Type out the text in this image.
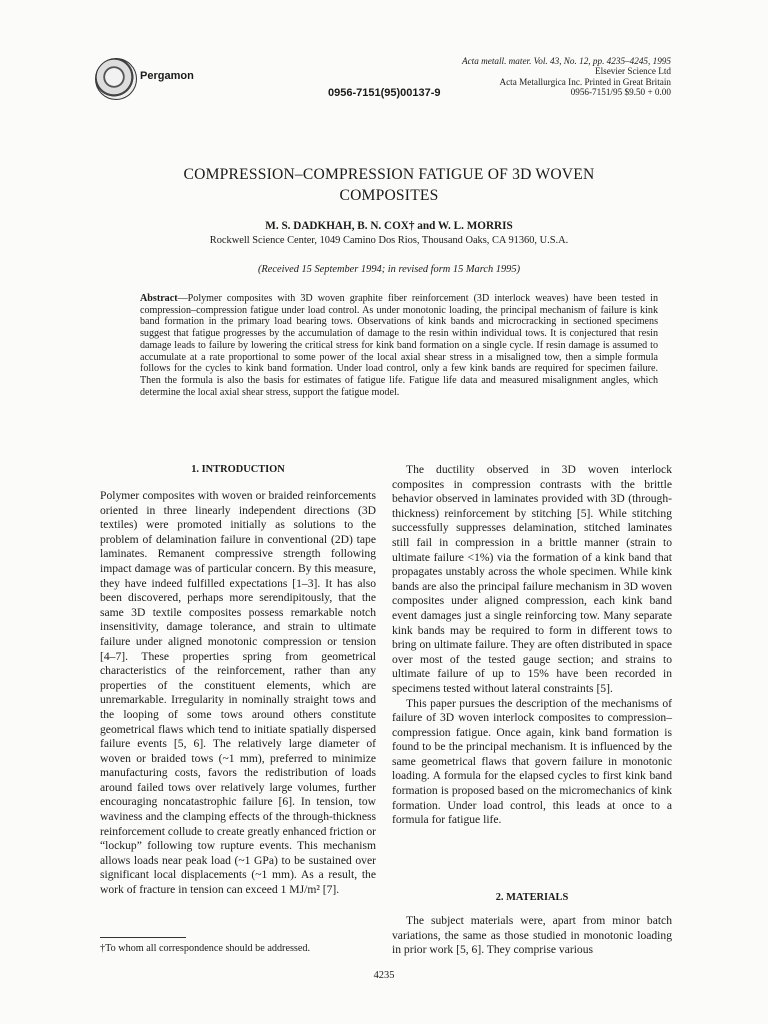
Pergamon
0956-7151(95)00137-9
Acta metall. mater. Vol. 43, No. 12, pp. 4235–4245, 1995
Elsevier Science Ltd
Acta Metallurgica Inc. Printed in Great Britain
0956-7151/95 $9.50 + 0.00
COMPRESSION–COMPRESSION FATIGUE OF 3D WOVEN
COMPOSITES
M. S. DADKHAH, B. N. COX† and W. L. MORRIS
Rockwell Science Center, 1049 Camino Dos Rios, Thousand Oaks, CA 91360, U.S.A.
(Received 15 September 1994; in revised form 15 March 1995)
Abstract—Polymer composites with 3D woven graphite fiber reinforcement (3D interlock weaves) have been tested in compression–compression fatigue under load control. As under monotonic loading, the principal mechanism of failure is kink band formation in the primary load bearing tows. Observations of kink bands and microcracking in sectioned specimens suggest that fatigue progresses by the accumulation of damage to the resin within individual tows. It is conjectured that resin damage leads to failure by lowering the critical stress for kink band formation on a single cycle. If resin damage is assumed to accumulate at a rate proportional to some power of the local axial shear stress in a misaligned tow, then a simple formula follows for the cycles to kink band formation. Under load control, only a few kink bands are required for specimen failure. Then the formula is also the basis for estimates of fatigue life. Fatigue life data and measured misalignment angles, which determine the local axial shear stress, support the fatigue model.
1. INTRODUCTION

Polymer composites with woven or braided reinforcements oriented in three linearly independent directions (3D textiles) were promoted initially as solutions to the problem of delamination failure in conventional (2D) tape laminates. Remanent compressive strength following impact damage was of particular concern. By this measure, they have indeed fulfilled expectations [1–3]. It has also been discovered, perhaps more serendipitously, that the same 3D textile composites possess remarkable notch insensitivity, damage tolerance, and strain to ultimate failure under aligned monotonic compression or tension [4–7]. These properties spring from geometrical characteristics of the reinforcement, rather than any properties of the constituent elements, which are unremarkable. Irregularity in nominally straight tows and the looping of some tows around others constitute geometrical flaws which tend to initiate spatially dispersed failure events [5, 6]. The relatively large diameter of woven or braided tows (~1 mm), preferred to minimize manufacturing costs, favors the redistribution of loads around failed tows over relatively large volumes, further encouraging noncatastrophic failure [6]. In tension, tow waviness and the clamping effects of the through-thickness reinforcement collude to create greatly enhanced friction or “lockup” following tow rupture events. This mechanism allows loads near peak load (~1 GPa) to be sustained over significant local displacements (~1 mm). As a result, the work of fracture in tension can exceed 1 MJ/m² [7].

The ductility observed in 3D woven interlock composites in compression contrasts with the brittle behavior observed in laminates provided with 3D (through-thickness) reinforcement by stitching [5]. While stitching successfully suppresses delamination, stitched laminates still fail in compression in a brittle manner (strain to ultimate failure <1%) via the formation of a kink band that propagates unstably across the whole specimen. While kink bands are also the principal failure mechanism in 3D woven composites under aligned compression, each kink band event damages just a single reinforcing tow. Many separate kink bands may be required to form in different tows to bring on ultimate failure. They are often distributed in space over most of the tested gauge section; and strains to ultimate failure of up to 15% have been recorded in specimens tested without lateral constraints [5].

This paper pursues the description of the mechanisms of failure of 3D woven interlock composites to compression–compression fatigue. Once again, kink band formation is found to be the principal mechanism. It is influenced by the same geometrical flaws that govern failure in monotonic loading. A formula for the elapsed cycles to first kink band formation is proposed based on the micromechanics of kink formation. Under load control, this leads at once to a formula for fatigue life.

2. MATERIALS

The subject materials were, apart from minor batch variations, the same as those studied in monotonic loading in prior work [5, 6]. They comprise various

†To whom all correspondence should be addressed.
4235
